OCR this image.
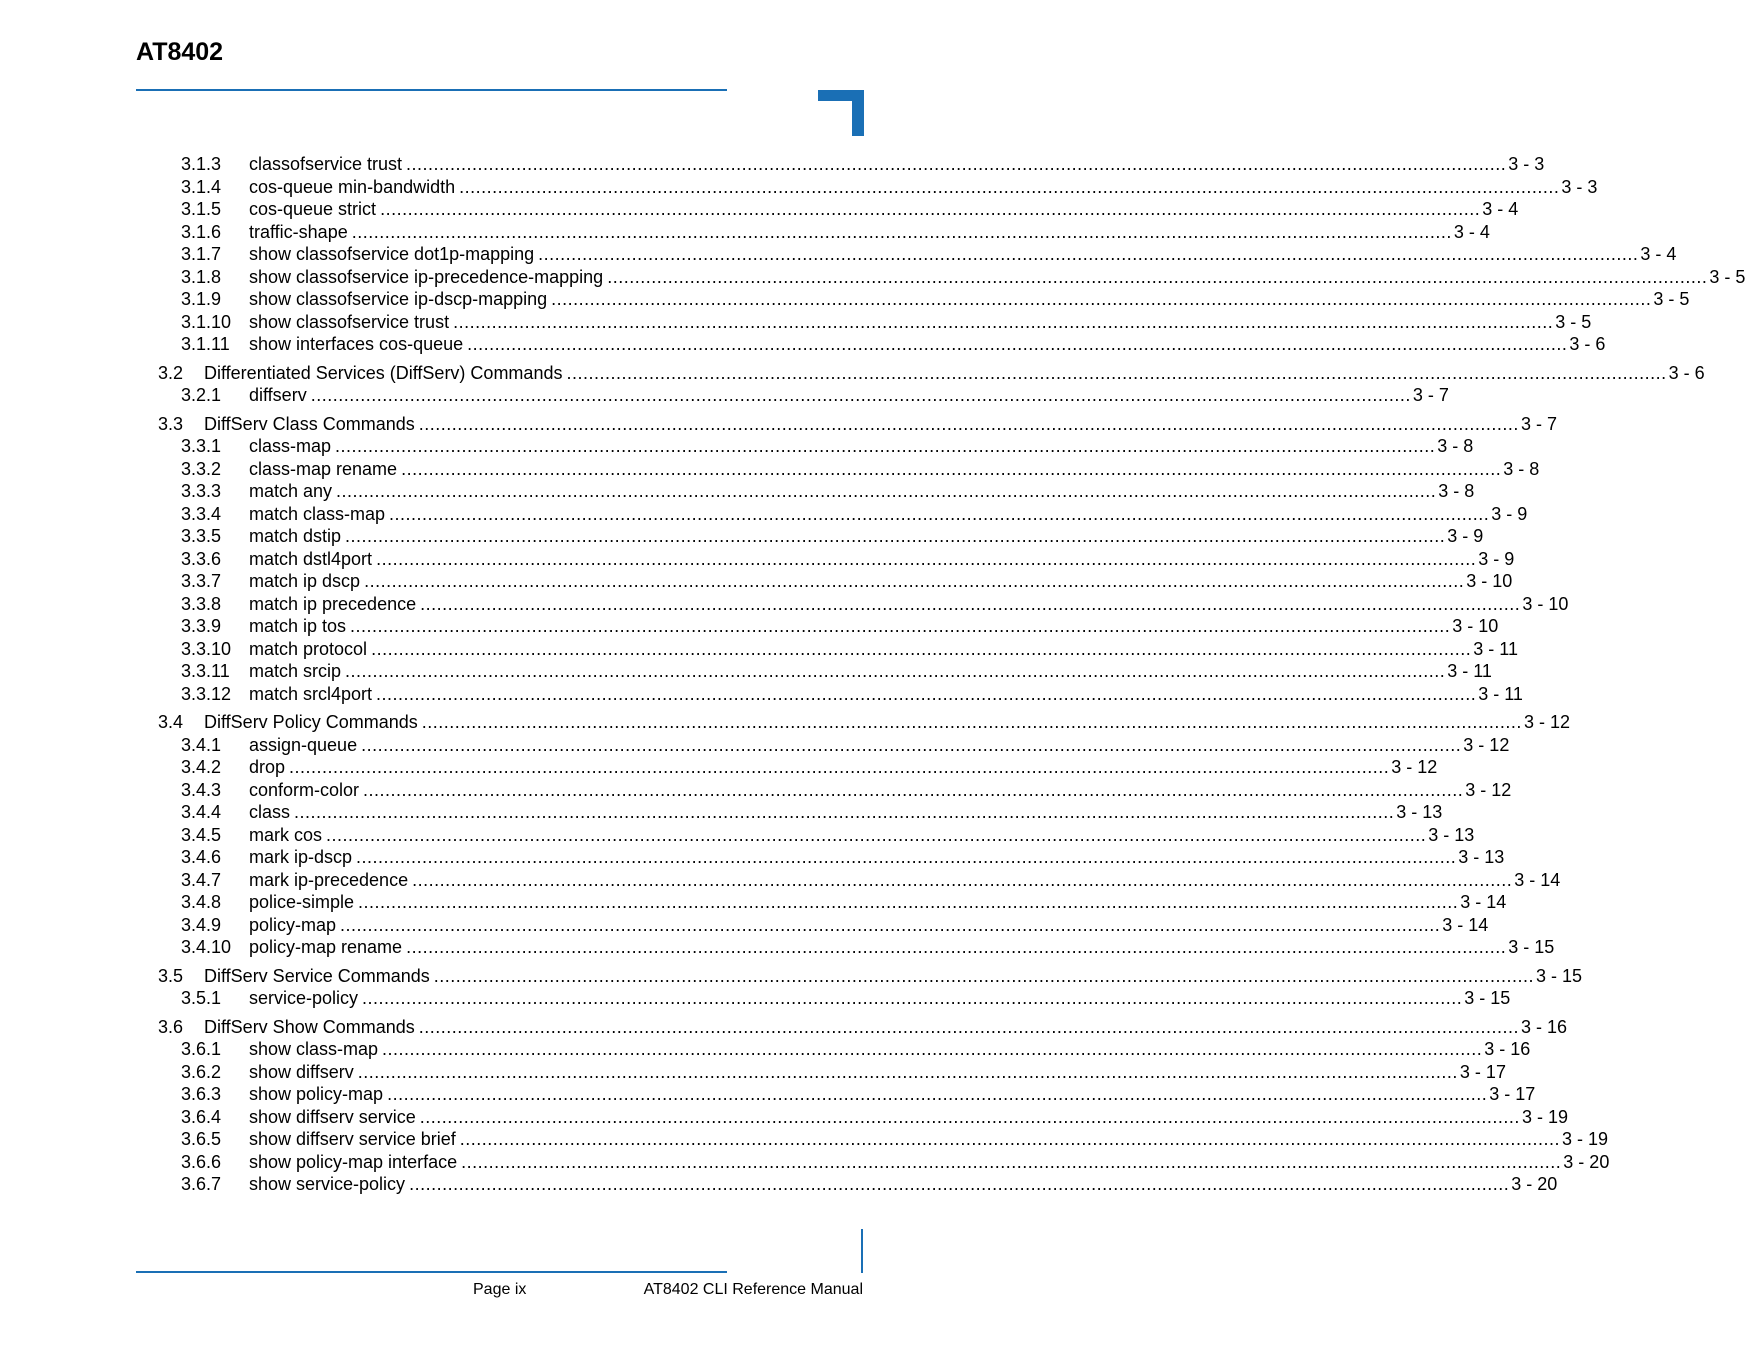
AT8402
3.1.3	classofservice trust ........................................................................................................................................................................................................ 3 - 3
3.1.4	cos-queue min-bandwidth ........................................................................................................................................................................................................ 3 - 3
3.1.5	cos-queue strict ........................................................................................................................................................................................................ 3 - 4
3.1.6	traffic-shape ........................................................................................................................................................................................................ 3 - 4
3.1.7	show classofservice dot1p-mapping ........................................................................................................................................................................................................ 3 - 4
3.1.8	show classofservice ip-precedence-mapping ........................................................................................................................................................................................................ 3 - 5
3.1.9	show classofservice ip-dscp-mapping ........................................................................................................................................................................................................ 3 - 5
3.1.10 show classofservice trust ........................................................................................................................................................................................................ 3 - 5
3.1.11	show interfaces cos-queue ........................................................................................................................................................................................................ 3 - 6
3.2	Differentiated Services (DiffServ) Commands ........................................................................................................................................................................................................ 3 - 6
3.2.1	diffserv ........................................................................................................................................................................................................ 3 - 7
3.3	DiffServ Class Commands ........................................................................................................................................................................................................ 3 - 7
3.3.1	class-map ........................................................................................................................................................................................................ 3 - 8
3.3.2	class-map rename ........................................................................................................................................................................................................ 3 - 8
3.3.3	match any ........................................................................................................................................................................................................ 3 - 8
3.3.4	match class-map ........................................................................................................................................................................................................ 3 - 9
3.3.5	match dstip ........................................................................................................................................................................................................ 3 - 9
3.3.6	match dstl4port ........................................................................................................................................................................................................ 3 - 9
3.3.7	match ip dscp ........................................................................................................................................................................................................ 3 - 10
3.3.8	match ip precedence ........................................................................................................................................................................................................ 3 - 10
3.3.9	match ip tos ........................................................................................................................................................................................................ 3 - 10
3.3.10 match protocol ........................................................................................................................................................................................................ 3 - 11
3.3.11	match srcip ........................................................................................................................................................................................................ 3 - 11
3.3.12 match srcl4port ........................................................................................................................................................................................................ 3 - 11
3.4	DiffServ Policy Commands ........................................................................................................................................................................................................ 3 - 12
3.4.1	assign-queue ........................................................................................................................................................................................................ 3 - 12
3.4.2	drop ........................................................................................................................................................................................................ 3 - 12
3.4.3	conform-color ........................................................................................................................................................................................................ 3 - 12
3.4.4	class ........................................................................................................................................................................................................ 3 - 13
3.4.5	mark cos ........................................................................................................................................................................................................ 3 - 13
3.4.6	mark ip-dscp ........................................................................................................................................................................................................ 3 - 13
3.4.7	mark ip-precedence ........................................................................................................................................................................................................ 3 - 14
3.4.8	police-simple ........................................................................................................................................................................................................ 3 - 14
3.4.9	policy-map ........................................................................................................................................................................................................ 3 - 14
3.4.10 policy-map rename ........................................................................................................................................................................................................ 3 - 15
3.5	DiffServ Service Commands ........................................................................................................................................................................................................ 3 - 15
3.5.1	service-policy ........................................................................................................................................................................................................ 3 - 15
3.6	DiffServ Show Commands ........................................................................................................................................................................................................ 3 - 16
3.6.1	show class-map ........................................................................................................................................................................................................ 3 - 16
3.6.2	show diffserv ........................................................................................................................................................................................................ 3 - 17
3.6.3	show policy-map ........................................................................................................................................................................................................ 3 - 17
3.6.4	show diffserv service ........................................................................................................................................................................................................ 3 - 19
3.6.5	show diffserv service brief ........................................................................................................................................................................................................ 3 - 19
3.6.6	show policy-map interface ........................................................................................................................................................................................................ 3 - 20
3.6.7	show service-policy ........................................................................................................................................................................................................ 3 - 20
Page ix	AT8402 CLI Reference Manual
